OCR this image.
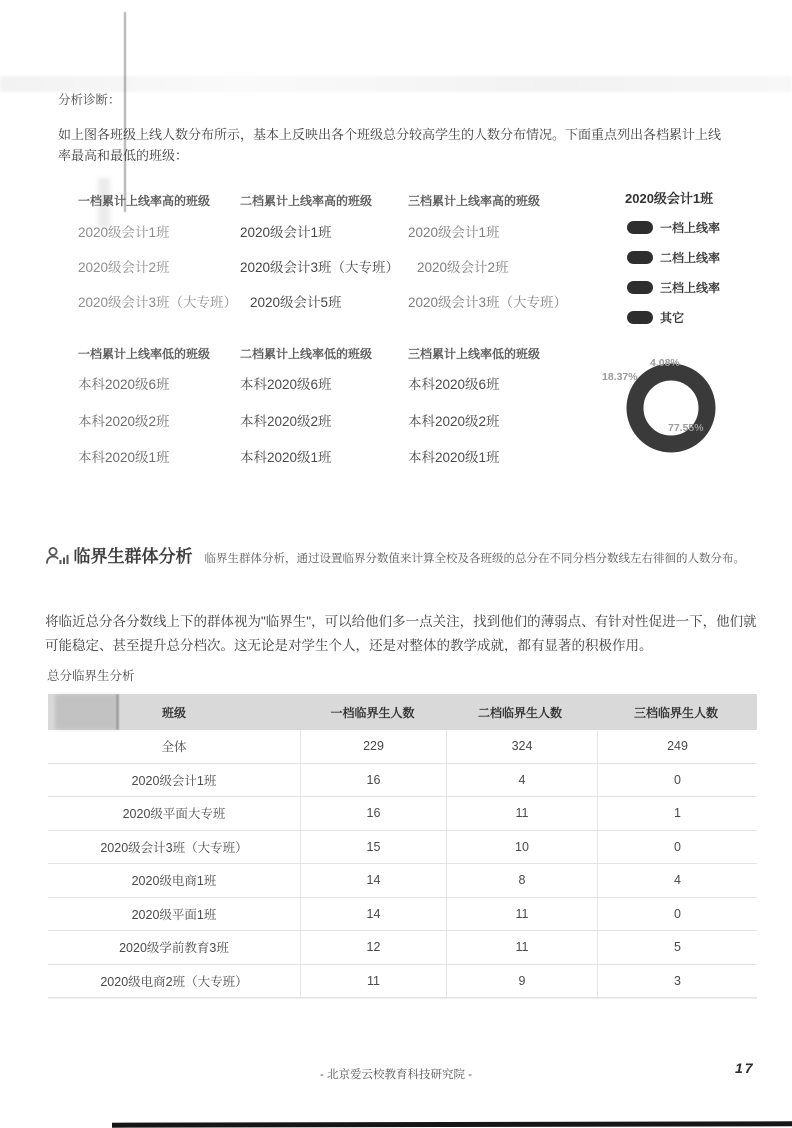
分析诊断：
如上图各班级上线人数分布所示，基本上反映出各个班级总分较高学生的人数分布情况。下面重点列出各档累计上线率最高和最低的班级：
一档累计上线率高的班级 二档累计上线率高的班级	三档累计上线率高的班级
2020级会计1班	2020级会计1班	2020级会计1班
2020级会计2班	2020级会计3班（大专班） 2020级会计2班
2020级会计3班（大专班） 2020级会计5班	2020级会计3班（大专班）
一档累计上线率低的班级 二档累计上线率低的班级	三档累计上线率低的班级
本科2020级6班	本科2020级6班	本科2020级6班
本科2020级2班	本科2020级2班	本科2020级2班
本科2020级1班	本科2020级1班	本科2020级1班
2020级会计1班
一档上线率
二档上线率
三档上线率
其它
4.08%
18.37%
77.55%
临界生群体分析 临界生群体分析，通过设置临界分数值来计算全校及各班级的总分在不同分档分数线左右徘徊的人数分布。
将临近总分各分数线上下的群体视为"临界生"，可以给他们多一点关注，找到他们的薄弱点、有针对性促进一下，他们就可能稳定、甚至提升总分档次。这无论是对学生个人，还是对整体的教学成就，都有显著的积极作用。
总分临界生分析
班级	一档临界生人数	二档临界生人数	三档临界生人数
全体	229	324	249
2020级会计1班	16	4	0
2020级平面大专班	16	11	1
2020级会计3班（大专班）	15	10	0
2020级电商1班	14	8	4
2020级平面1班	14	11	0
2020级学前教育3班	12	11	5
2020级电商2班（大专班）	11	9	3
- 北京爱云校教育科技研究院 -	17
